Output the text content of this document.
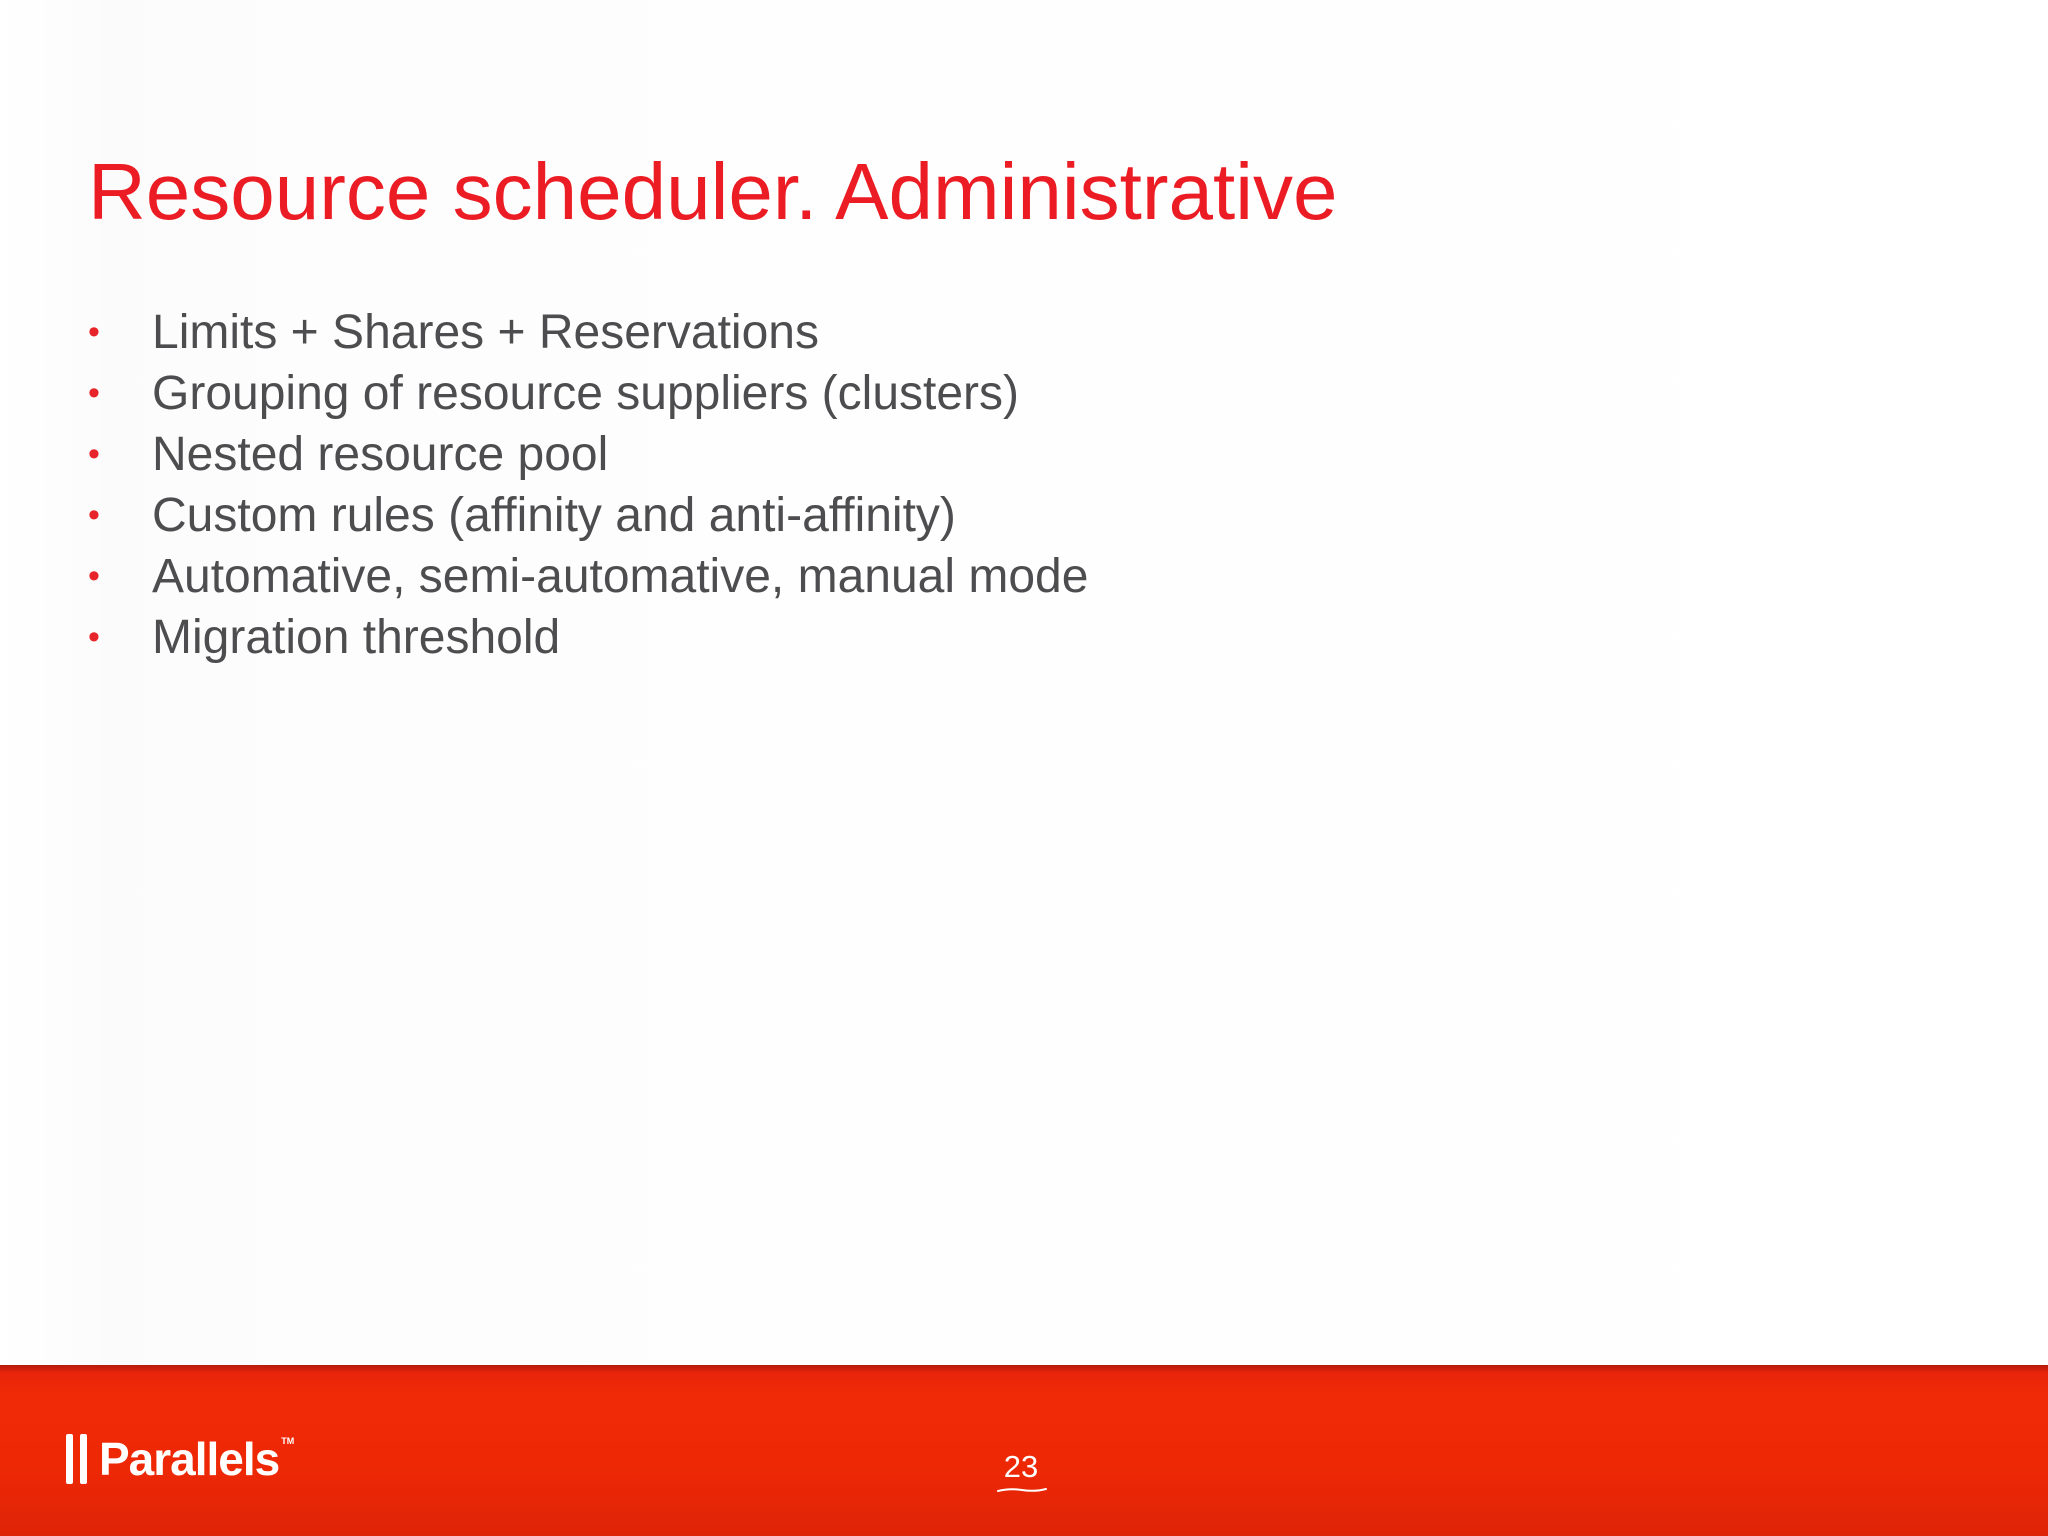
Resource scheduler. Administrative
• Limits + Shares + Reservations
• Grouping of resource suppliers (clusters)
• Nested resource pool
• Custom rules (affinity and anti-affinity)
• Automative, semi-automative, manual mode
• Migration threshold
Parallels TM
23
